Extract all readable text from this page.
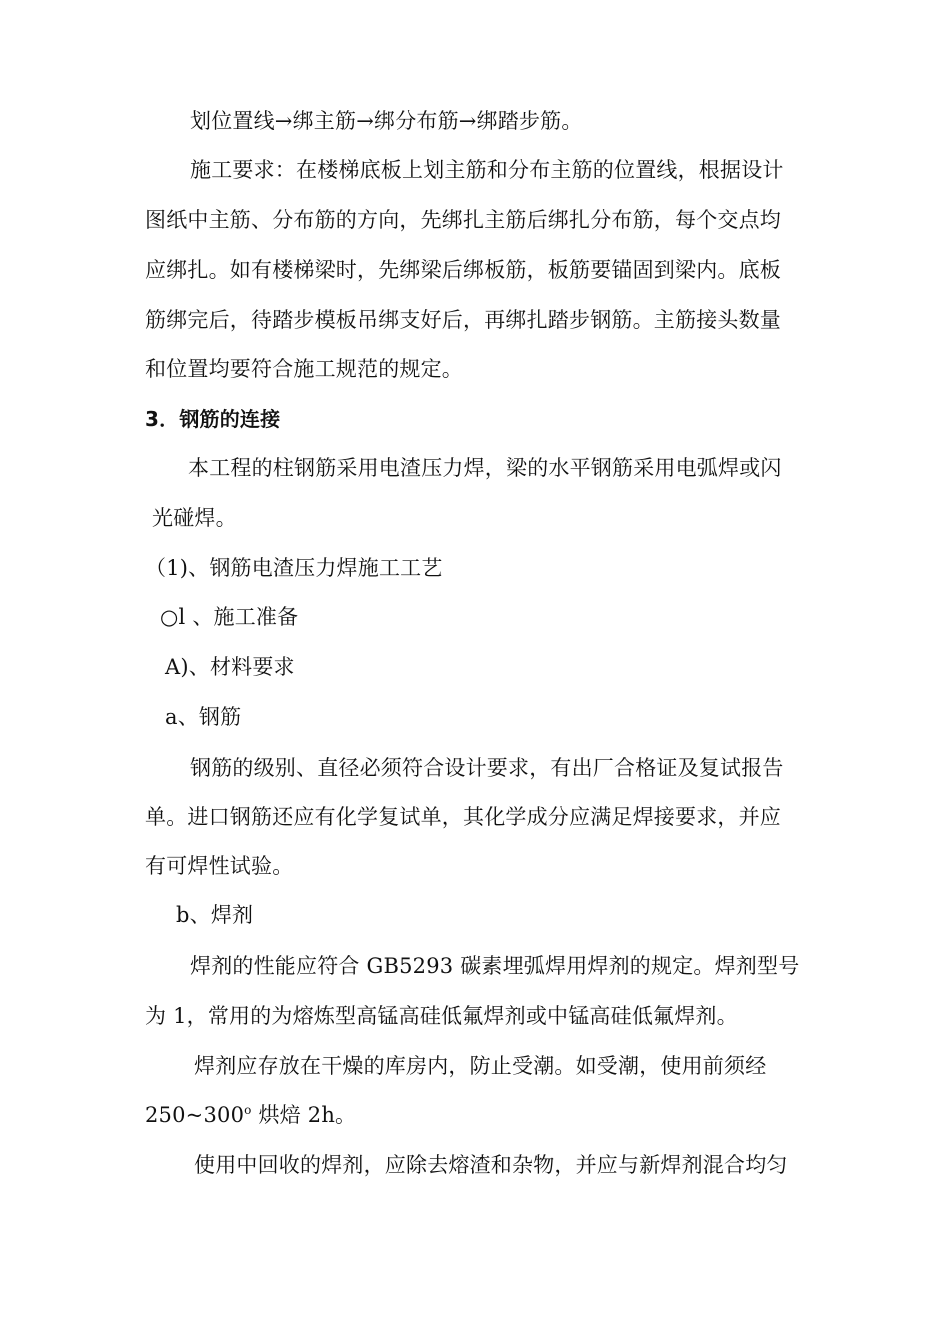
划位置线→绑主筋→绑分布筋→绑踏步筋。
施工要求：在楼梯底板上划主筋和分布主筋的位置线，根据设计
图纸中主筋、分布筋的方向，先绑扎主筋后绑扎分布筋，每个交点均
应绑扎。如有楼梯梁时，先绑梁后绑板筋，板筋要锚固到梁内。底板
筋绑完后，待踏步模板吊绑支好后，再绑扎踏步钢筋。主筋接头数量
和位置均要符合施工规范的规定。
3．钢筋的连接
本工程的柱钢筋采用电渣压力焊，梁的水平钢筋采用电弧焊或闪
光碰焊。
（1)、钢筋电渣压力焊施工工艺
○l 、施工准备
A)、材料要求
a、钢筋
钢筋的级别、直径必须符合设计要求，有出厂合格证及复试报告
单。进口钢筋还应有化学复试单，其化学成分应满足焊接要求，并应
有可焊性试验。
b、焊剂
焊剂的性能应符合 GB5293 碳素埋弧焊用焊剂的规定。焊剂型号
为 1，常用的为熔炼型高锰高硅低氟焊剂或中锰高硅低氟焊剂。
焊剂应存放在干燥的库房内，防止受潮。如受潮，使用前须经
250~300$^o$ 烘焙 2h。
使用中回收的焊剂，应除去熔渣和杂物，并应与新焊剂混合均匀
